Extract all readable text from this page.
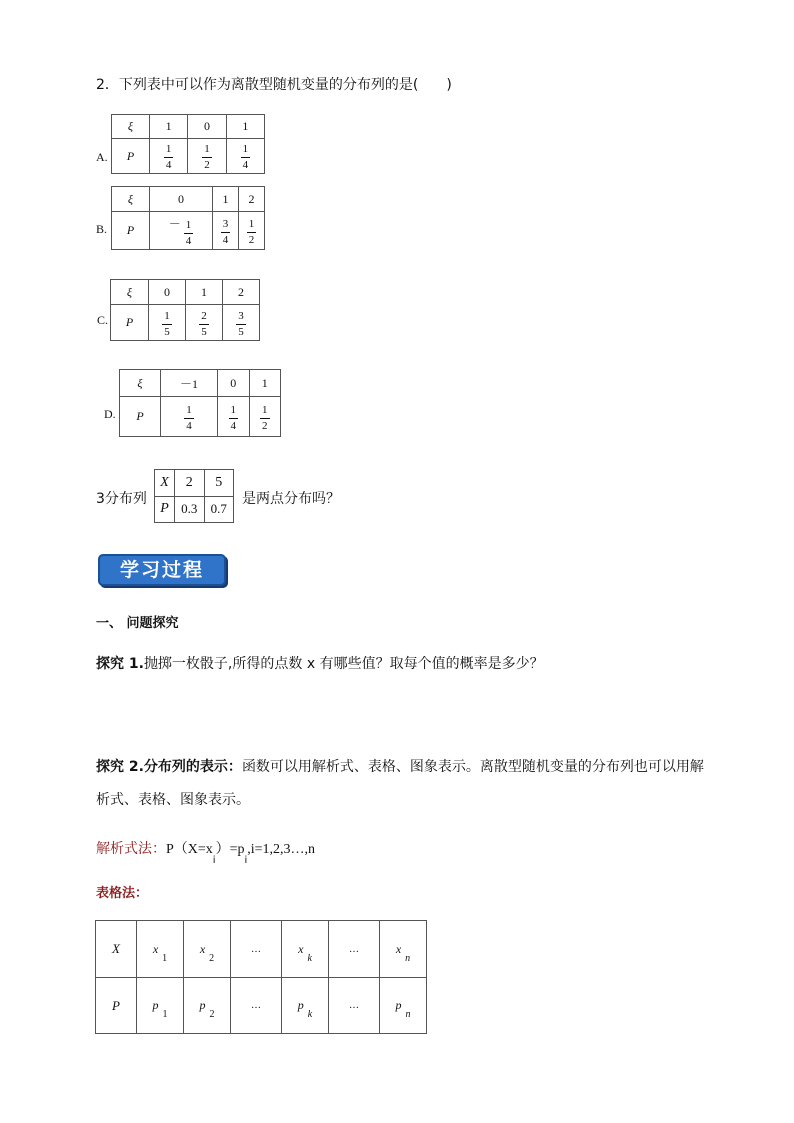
2．下列表中可以作为离散型随机变量的分布列的是(　　)
A.
ξ	1	0	1
P	$\frac{1}{4}$	$\frac{1}{2}$	$\frac{1}{4}$
B.
ξ	0	1	2
P	－ $\frac{1}{4}$	$\frac{3}{4}$	$\frac{1}{2}$
C.
ξ	0	1	2
P	$\frac{1}{5}$	$\frac{2}{5}$	$\frac{3}{5}$
D.
ξ	－1	0	1
P	$\frac{1}{4}$	$\frac{1}{4}$	$\frac{1}{2}$
3分布列
X	2	5
P	0.3	0.7
是两点分布吗？
学习过程
一、 问题探究
探究 1.抛掷一枚骰子,所得的点数 x 有哪些值？取每个值的概率是多少？
探究 2.分布列的表示：函数可以用解析式、表格、图象表示。离散型随机变量的分布列也可以用解
析式、表格、图象表示。
解析式法：$P(X=x_i)=p_i,i=1,2,3\dots,n$
表格法：
X	$x_1$	$x_2$	…	$x_k$	…	$x_n$
P	$p_1$	$p_2$	…	$p_k$	…	$p_n$
